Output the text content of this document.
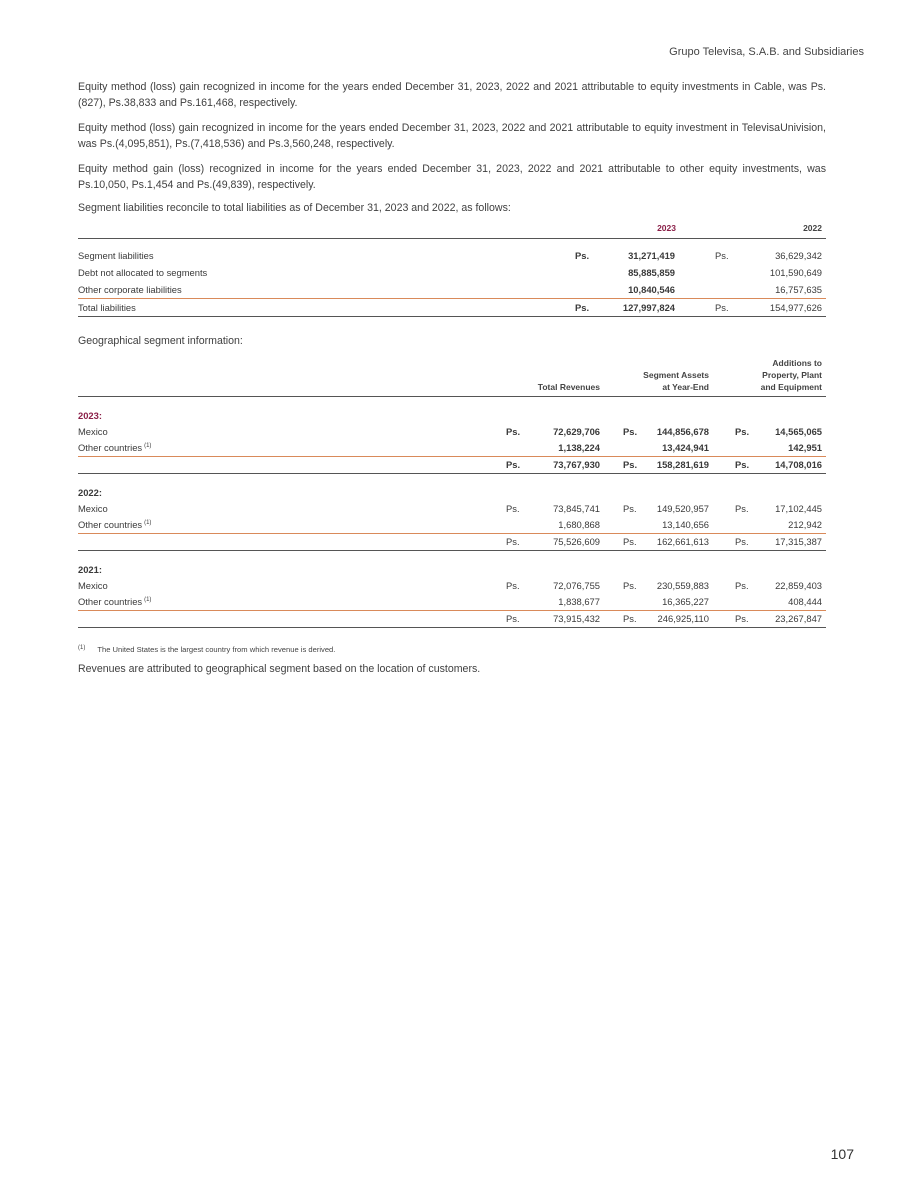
Grupo Televisa, S.A.B. and Subsidiaries

Equity method (loss) gain recognized in income for the years ended December 31, 2023, 2022 and 2021 attributable to equity investments in Cable, was Ps.(827), Ps.38,833 and Ps.161,468, respectively.

Equity method (loss) gain recognized in income for the years ended December 31, 2023, 2022 and 2021 attributable to equity investment in TelevisaUnivision, was Ps.(4,095,851), Ps.(7,418,536) and Ps.3,560,248, respectively.

Equity method gain (loss) recognized in income for the years ended December 31, 2023, 2022 and 2021 attributable to other equity investments, was Ps.10,050, Ps.1,454 and Ps.(49,839), respectively.

Segment liabilities reconcile to total liabilities as of December 31, 2023 and 2022, as follows:

2023	2022
Segment liabilities	Ps.	31,271,419	Ps.	36,629,342
Debt not allocated to segments	85,885,859	101,590,649
Other corporate liabilities	10,840,546	16,757,635
Total liabilities	Ps.	127,997,824	Ps.	154,977,626
Geographical segment information:
Total Revenues
Segment Assets
at Year-End
Additions to
Property, Plant
and Equipment
2023:
Mexico	Ps.	72,629,706 Ps. 144,856,678	Ps.	14,565,065
Other countries $^{(1)}$	1,138,224	13,424,941	142,951
Ps.	73,767,930 Ps. 158,281,619	Ps.	14,708,016
2022:
Mexico	Ps.	73,845,741 Ps. 149,520,957	Ps.	17,102,445
Other countries $^{(1)}$	1,680,868	13,140,656	212,942
Ps.	75,526,609 Ps. 162,661,613	Ps.	17,315,387
2021:
Mexico	Ps.	72,076,755 Ps. 230,559,883	Ps.	22,859,403
Other countries $^{(1)}$	1,838,677	16,365,227	408,444
Ps.	73,915,432 Ps. 246,925,110	Ps.	23,267,847
$^{(1)}$ The United States is the largest country from which revenue is derived.
Revenues are attributed to geographical segment based on the location of customers.
107
